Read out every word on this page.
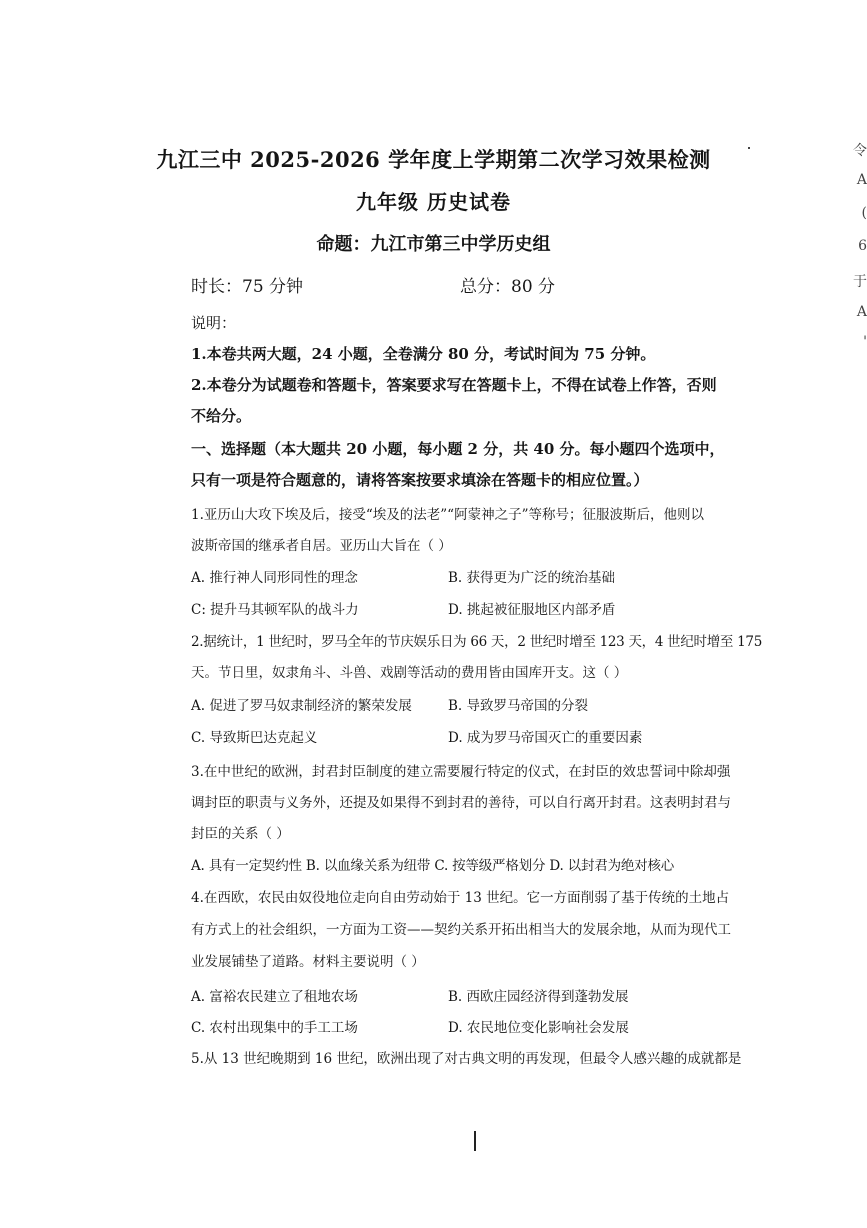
九江三中 2025-2026 学年度上学期第二次学习效果检测
九年级 历史试卷
命题：九江市第三中学历史组
时长：75 分钟	总分：80 分
说明：
1.本卷共两大题，24 小题，全卷满分 80 分，考试时间为 75 分钟。
2.本卷分为试题卷和答题卡，答案要求写在答题卡上，不得在试卷上作答，否则
不给分。
一、选择题（本大题共 20 小题，每小题 2 分，共 40 分。每小题四个选项中，
只有一项是符合题意的，请将答案按要求填涂在答题卡的相应位置。）
1.亚历山大攻下埃及后，接受“埃及的法老”“阿蒙神之子”等称号；征服波斯后，他则以
波斯帝国的继承者自居。亚历山大旨在（ ）
A. 推行神人同形同性的理念	B. 获得更为广泛的统治基础
C: 提升马其顿军队的战斗力	D. 挑起被征服地区内部矛盾
2.据统计，1 世纪时，罗马全年的节庆娱乐日为 66 天，2 世纪时增至 123 天，4 世纪时增至 175
天。节日里，奴隶角斗、斗兽、戏剧等活动的费用皆由国库开支。这（ ）
A. 促进了罗马奴隶制经济的繁荣发展	B. 导致罗马帝国的分裂
C. 导致斯巴达克起义	D. 成为罗马帝国灭亡的重要因素
3.在中世纪的欧洲，封君封臣制度的建立需要履行特定的仪式，在封臣的效忠誓词中除却强
调封臣的职责与义务外，还提及如果得不到封君的善待，可以自行离开封君。这表明封君与
封臣的关系（ ）
A. 具有一定契约性 B. 以血缘关系为纽带 C. 按等级严格划分 D. 以封君为绝对核心
4.在西欧，农民由奴役地位走向自由劳动始于 13 世纪。它一方面削弱了基于传统的土地占
有方式上的社会组织，一方面为工资——契约关系开拓出相当大的发展余地，从而为现代工
业发展铺垫了道路。材料主要说明（ ）
A. 富裕农民建立了租地农场	B. 西欧庄园经济得到蓬勃发展
C. 农村出现集中的手工工场	D. 农民地位变化影响社会发展
5.从 13 世纪晚期到 16 世纪，欧洲出现了对古典文明的再发现，但最令人感兴趣的成就都是
令
A
(
6
于
A
'
